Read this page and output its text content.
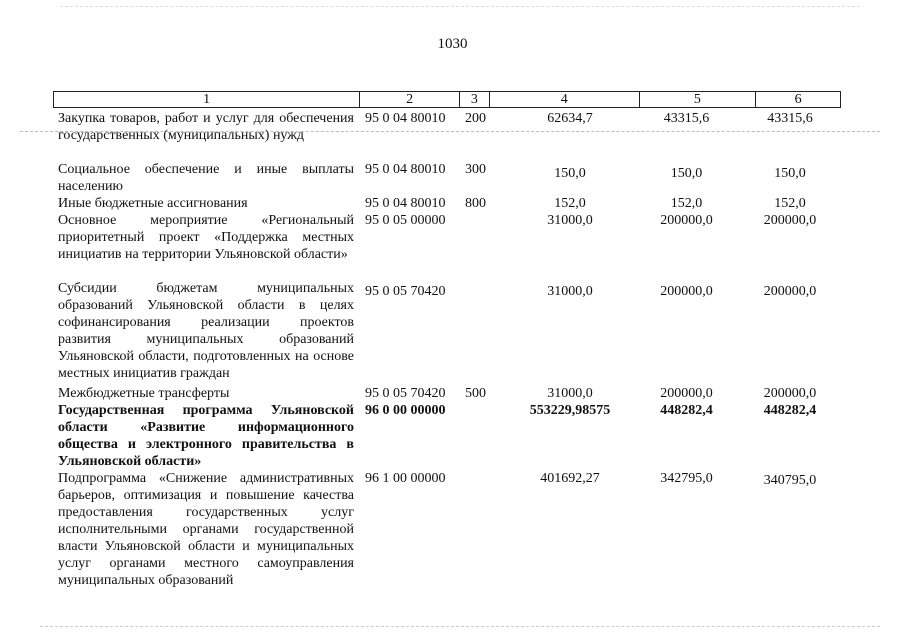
1030
1	2	3	4	5	6
Закупка товаров, работ и услуг для обеспечения государственных (муниципальных) нужд
95 0 04 80010 200	62634,7	43315,6	43315,6
Социальное обеспечение и иные выплаты населению
95 0 04 80010 300	150,0	150,0	150,0
Иные бюджетные ассигнования	95 0 04 80010 800	152,0	152,0	152,0
Основное мероприятие «Региональный приоритетный проект «Поддержка местных инициатив на территории Ульяновской области»
95 0 05 00000	31000,0	200000,0	200000,0
Субсидии бюджетам муниципальных образований Ульяновской области в целях софинансирования реализации проектов развития муниципальных образований Ульяновской области, подготовленных на основе местных инициатив граждан
95 0 05 70420	31000,0	200000,0	200000,0
Межбюджетные трансферты	95 0 05 70420 500	31000,0	200000,0	200000,0
Государственная программа Ульяновской области «Развитие информационного общества и электронного правительства в Ульяновской области»
96 0 00 00000	553229,98575	448282,4	448282,4
Подпрограмма «Снижение административных барьеров, оптимизация и повышение качества предоставления государственных услуг исполнительными органами государственной власти Ульяновской области и муниципальных услуг органами местного самоуправления муниципальных образований
96 1 00 00000	401692,27	342795,0	340795,0
